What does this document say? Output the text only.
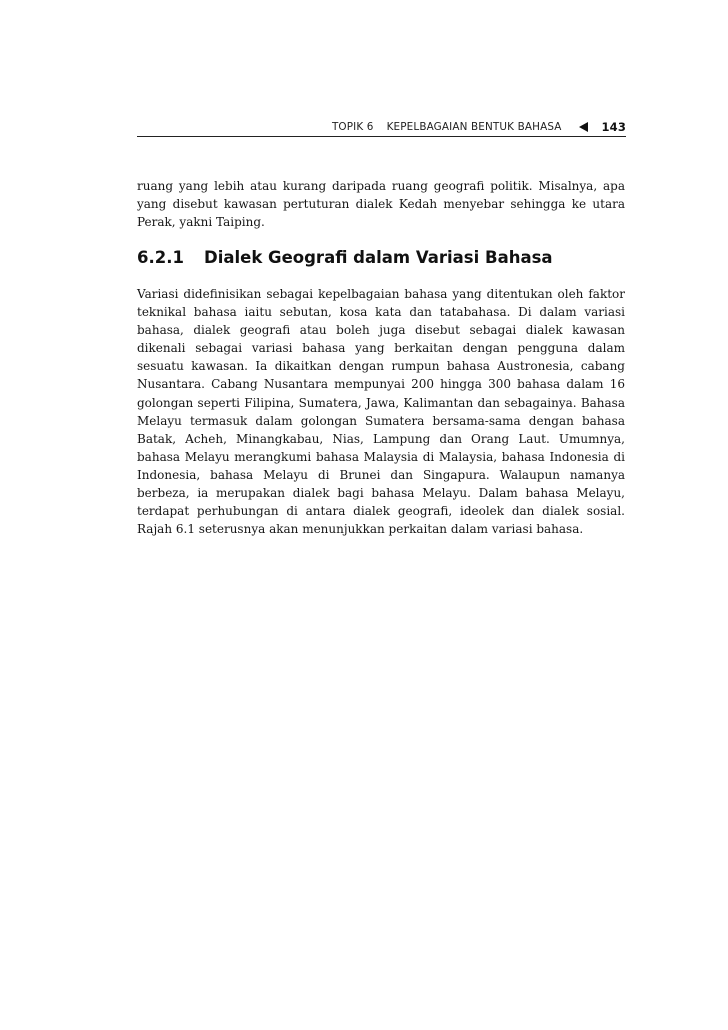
TOPIK 6 KEPELBAGAIAN BENTUK BAHASA	143

ruang yang lebih atau kurang daripada ruang geografi politik. Misalnya, apa yang disebut kawasan pertuturan dialek Kedah menyebar sehingga ke utara Perak, yakni Taiping.

6.2.1	Dialek Geografi dalam Variasi Bahasa

Variasi didefinisikan sebagai kepelbagaian bahasa yang ditentukan oleh faktor teknikal bahasa iaitu sebutan, kosa kata dan tatabahasa. Di dalam variasi bahasa, dialek geografi atau boleh juga disebut sebagai dialek kawasan dikenali sebagai variasi bahasa yang berkaitan dengan pengguna dalam sesuatu kawasan. Ia dikaitkan dengan rumpun bahasa Austronesia, cabang Nusantara. Cabang Nusantara mempunyai 200 hingga 300 bahasa dalam 16 golongan seperti Filipina, Sumatera, Jawa, Kalimantan dan sebagainya. Bahasa Melayu termasuk dalam golongan Sumatera bersama-sama dengan bahasa Batak, Acheh, Minangkabau, Nias, Lampung dan Orang Laut. Umumnya, bahasa Melayu merangkumi bahasa Malaysia di Malaysia, bahasa Indonesia di Indonesia, bahasa Melayu di Brunei dan Singapura. Walaupun namanya berbeza, ia merupakan dialek bagi bahasa Melayu. Dalam bahasa Melayu, terdapat perhubungan di antara dialek geografi, ideolek dan dialek sosial. Rajah 6.1 seterusnya akan menunjukkan perkaitan dalam variasi bahasa.
